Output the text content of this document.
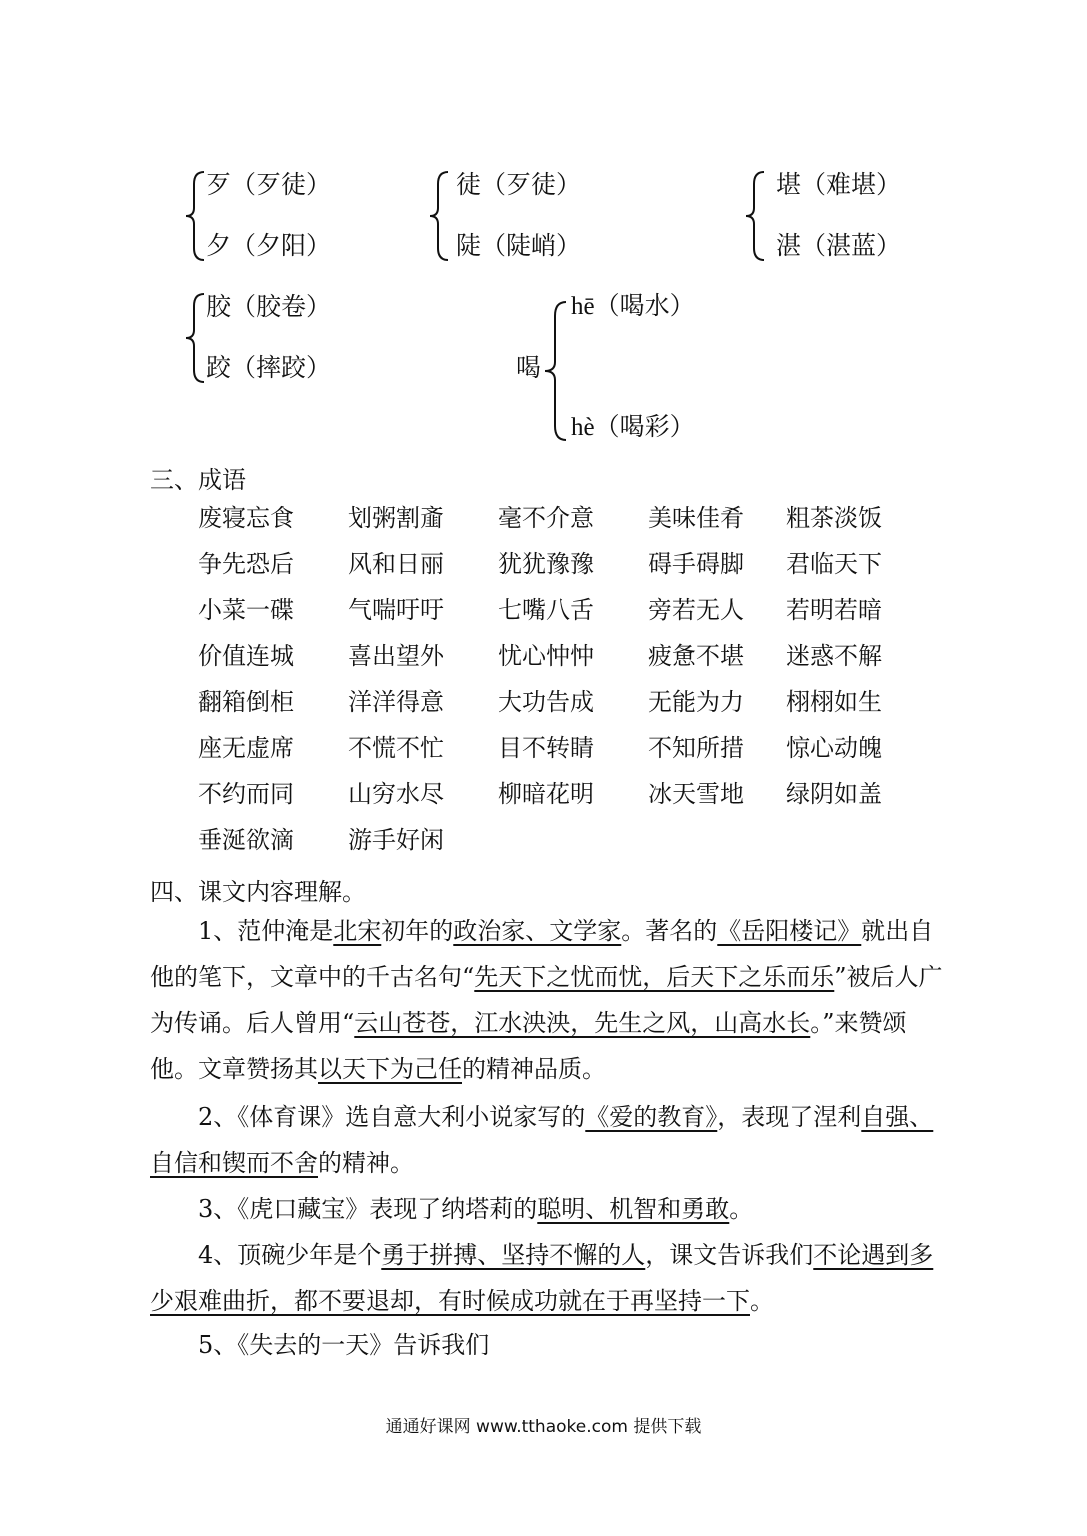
歹（歹徒）
夕（夕阳）
徒（歹徒）
陡（陡峭）
堪（难堪）
湛（湛蓝）
胶（胶卷）
跤（摔跤）	喝
hē（喝水）
hè（喝彩）
三、成语
废寝忘食 划粥割齑 毫不介意 美味佳肴 粗茶淡饭
争先恐后 风和日丽 犹犹豫豫 碍手碍脚 君临天下
小菜一碟 气喘吁吁 七嘴八舌 旁若无人 若明若暗
价值连城 喜出望外 忧心忡忡 疲惫不堪 迷惑不解
翻箱倒柜 洋洋得意 大功告成 无能为力 栩栩如生
座无虚席 不慌不忙 目不转睛 不知所措 惊心动魄
不约而同 山穷水尽 柳暗花明 冰天雪地 绿阴如盖
垂涎欲滴 游手好闲
四、课文内容理解。
1、范仲淹是北宋初年的政治家、文学家。著名的《岳阳楼记》就出自他的笔下，文章中的千古名句“先天下之忧而忧，后天下之乐而乐”被后人广为传诵。后人曾用“云山苍苍，江水泱泱，先生之风，山高水长。”来赞颂他。文章赞扬其以天下为己任的精神品质。
2、《体育课》选自意大利小说家写的《爱的教育》，表现了涅利自强、自信和锲而不舍的精神。
3、《虎口藏宝》表现了纳塔莉的聪明、机智和勇敢。
4、顶碗少年是个勇于拼搏、坚持不懈的人，课文告诉我们不论遇到多少艰难曲折，都不要退却，有时候成功就在于再坚持一下。
5、《失去的一天》告诉我们
通通好课网 www.tthaoke.com 提供下载
